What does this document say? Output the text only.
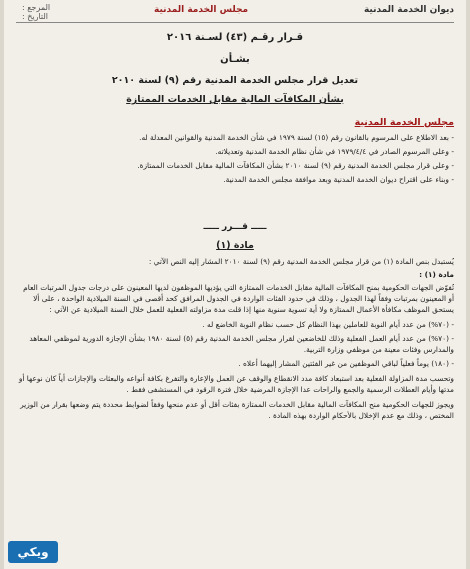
ديوان الخدمة المدنية
مجلس الخدمة المدنية
المرجع :
التاريخ :
قـرار رقـم (٤٣) لسـنة ٢٠١٦
بشـأن
تعديل قرار مجلس الخدمة المدنية رقم (٩) لسنة ٢٠١٠
بشأن المكافآت المالية مقابل الخدمات الممتازة
مجلس الخدمة المدنية

- بعد الاطلاع على المرسوم بالقانون رقم (١٥) لسنة ١٩٧٩ في شأن الخدمة المدنية والقوانين المعدلة له.

- وعلى المرسوم الصادر في ١٩٧٩/٤/٤ في شأن نظام الخدمة المدنية وتعديلاته.

- وعلى قرار مجلس الخدمة المدنية رقم (٩) لسنة ٢٠١٠ بشأن المكافآت المالية مقابل الخدمات الممتازة.

- وبناء على اقتراح ديوان الخدمة المدنية وبعد موافقة مجلس الخدمة المدنية.

ـــــ قـــرر ـــــ
مادة (١)

يُستبدل بنص المادة (١) من قرار مجلس الخدمة المدنية رقم (٩) لسنة ٢٠١٠ المشار إليه النص الآتي :

مادة (١) :

تُفوّض الجهات الحكومية بمنح المكافآت المالية مقابل الخدمات الممتازة التي يؤديها الموظفون لديها المعينون على درجات جدول المرتبات العام أو المعينون بمرتبات وفقاً لهذا الجدول ، وذلك في حدود الفئات الواردة في الجدول المرافق كحد أقصى في السنة الميلادية الواحدة ، على ألا يستحق الموظف مكافأة الأعمال الممتازة ولا أية تسوية سنوية منها إذا قلت مدة مزاولته الفعلية للعمل خلال السنة الميلادية عن الآتي :

- (٧٠%) من عدد أيام النوبة للعاملين بهذا النظام كل حسب نظام النوبة الخاضع له .

- (٧٠%) من عدد أيام العمل الفعلية وذلك للخاضعين لقرار مجلس الخدمة المدنية رقم (٥) لسنة ١٩٨٠ بشأن الإجازة الدورية لموظفي المعاهد والمدارس وفئات معينة من موظفي وزارة التربية.

- (١٨٠) يوماً فعلياً لباقي الموظفين من غير الفئتين المشار إليهما أعلاه .

وتحسب مدة المزاولة الفعلية بعد استبعاد كافة مدد الانقطاع والوقف عن العمل والإعارة والتفرغ بكافة أنواعه والبعثات والإجازات أياً كان نوعها أو مدتها وأيام العطلات الرسمية والجمع والراحات عدا الإجازة المرضية خلال فترة الرقود في المستشفى فقط .

ويجوز للجهات الحكومية منح المكافآت المالية مقابل الخدمات الممتازة بفئات أقل أو عدم منحها وفقاً لضوابط محددة يتم وضعها بقرار من الوزير المختص ، وذلك مع عدم الإخلال بالأحكام الواردة بهذه المادة .

ويكي
